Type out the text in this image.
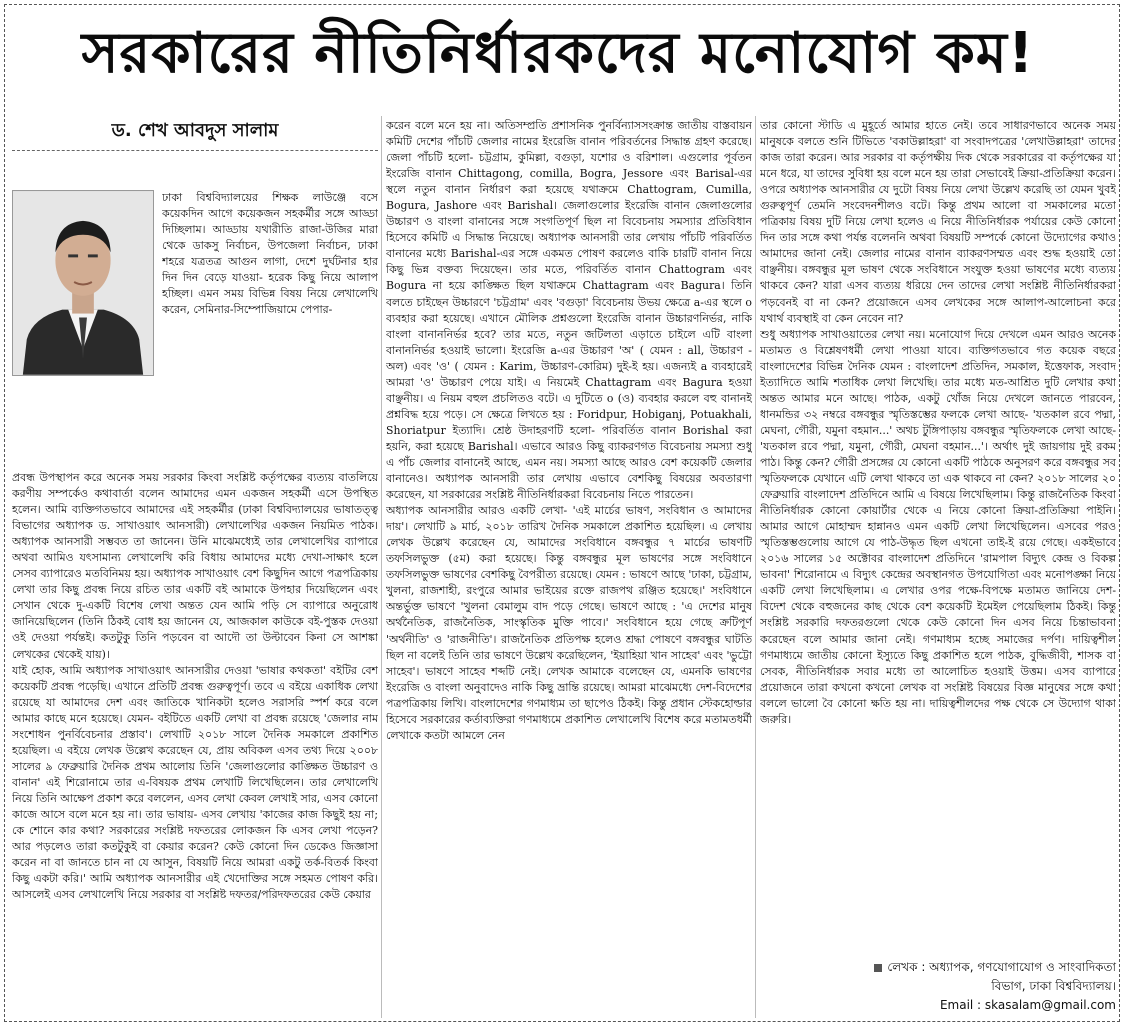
সরকারের নীতিনির্ধারকদের মনোযোগ কম!
ড. শেখ আবদুস সালাম

ঢাকা বিশ্ববিদ্যালয়ের শিক্ষক লাউঞ্জে বসে কয়েকদিন আগে কয়েকজন সহকর্মীর সঙ্গে আড্ডা দিচ্ছিলাম। আড্ডায় যথারীতি রাজা-উজির মারা থেকে ডাকসু নির্বাচন, উপজেলা নির্বাচন, ঢাকা শহরে যত্রতত্র আগুন লাগা, দেশে দুর্ঘটনার হার দিন দিন বেড়ে যাওয়া- হরেক কিছু নিয়ে আলাপ হচ্ছিল। এমন সময় বিভিন্ন বিষয় নিয়ে লেখালেখি করেন, সেমিনার-সিম্পোজিয়ামে পেপার-

প্রবন্ধ উপস্থাপন করে অনেক সময় সরকার কিংবা সংশ্লিষ্ট কর্তৃপক্ষের ব্যত্যয় বাতলিয়ে করণীয় সম্পর্কেও কথাবার্তা বলেন আমাদের এমন একজন সহকর্মী এসে উপস্থিত হলেন। আমি ব্যক্তিগতভাবে আমাদের এই সহকর্মীর (ঢাকা বিশ্ববিদ্যালয়ের ভাষাতত্ত্ব বিভাগের অধ্যাপক ড. সাখাওয়াৎ আনসারী) লেখালেখির একজন নিয়মিত পাঠক। অধ্যাপক আনসারী সম্ভবত তা জানেন। উনি মাঝেমধ্যেই তার লেখালেখির ব্যাপারে অথবা আমিও যৎসামান্য লেখালেখি করি বিধায় আমাদের মধ্যে দেখা-সাক্ষাৎ হলে সেসব ব্যাপারেও মতবিনিময় হয়। অধ্যাপক সাখাওয়াৎ বেশ কিছুদিন আগে পত্রপত্রিকায় লেখা তার কিছু প্রবন্ধ নিয়ে রচিত তার একটি বই আমাকে উপহার দিয়েছিলেন এবং সেখান থেকে দু-একটি বিশেষ লেখা অন্তত যেন আমি পড়ি সে ব্যাপারে অনুরোধ জানিয়েছিলেন (তিনি ঠিকই বোধ হয় জানেন যে, আজকাল কাউকে বই-পুস্তক দেওয়া ওই দেওয়া পর্যন্তই। কতটুকু তিনি পড়বেন বা আদৌ তা উল্টাবেন কিনা সে আশঙ্কা লেখকের থেকেই যায়)।

যাই হোক, আমি অধ্যাপক সাখাওয়াৎ আনসারীর দেওয়া 'ভাষার কথকতা' বইটির বেশ কয়েকটি প্রবন্ধ পড়েছি। এখানে প্রতিটি প্রবন্ধ গুরুত্বপূর্ণ। তবে এ বইয়ে একাধিক লেখা রয়েছে যা আমাদের দেশ এবং জাতিকে খানিকটা হলেও সরাসরি স্পর্শ করে বলে আমার কাছে মনে হয়েছে। যেমন- বইটিতে একটি লেখা বা প্রবন্ধ রয়েছে 'জেলার নাম সংশোধন পুনর্বিবেচনার প্রস্তাব'। লেখাটি ২০১৮ সালে দৈনিক সমকালে প্রকাশিত হয়েছিল। এ বইয়ে লেখক উল্লেখ করেছেন যে, প্রায় অবিকল এসব তথ্য দিয়ে ২০০৮ সালের ৯ ফেব্রুয়ারি দৈনিক প্রথম আলোয় তিনি 'জেলাগুলোর কাঙ্ক্ষিত উচ্চারণ ও বানান' এই শিরোনামে তার এ-বিষয়ক প্রথম লেখাটি লিখেছিলেন। তার লেখালেখি নিয়ে তিনি আক্ষেপ প্রকাশ করে বললেন, এসব লেখা কেবল লেখাই সার, এসব কোনো কাজে আসে বলে মনে হয় না। তার ভাষায়- এসব লেখায় 'কাজের কাজ কিছুই হয় না; কে শোনে কার কথা? সরকারের সংশ্লিষ্ট দফতরের লোকজন কি এসব লেখা পড়েন? আর পড়লেও তারা কতটুকুই বা কেয়ার করেন? কেউ কোনো দিন ডেকেও জিজ্ঞাসা করেন না বা জানতে চান না যে আসুন, বিষয়টি নিয়ে আমরা একটু তর্ক-বিতর্ক কিংবা কিছু একটা করি।' আমি অধ্যাপক আনসারীর এই খেদোক্তির সঙ্গে সহমত পোষণ করি। আসলেই এসব লেখালেখি নিয়ে সরকার বা সংশ্লিষ্ট দফতর/পরিদফতরের কেউ কেয়ার

করেন বলে মনে হয় না। অতিসম্প্রতি প্রশাসনিক পুনর্বিন্যাসসংক্রান্ত জাতীয় বাস্তবায়ন কমিটি দেশের পাঁচটি জেলার নামের ইংরেজি বানান পরিবর্তনের সিদ্ধান্ত গ্রহণ করেছে। জেলা পাঁচটি হলো- চট্টগ্রাম, কুমিল্লা, বগুড়া, যশোর ও বরিশাল। এগুলোর পূর্বতন ইংরেজি বানান Chittagong, comilla, Bogra, Jessore এবং Barisal-এর স্থলে নতুন বানান নির্ধারণ করা হয়েছে যথাক্রমে Chattogram, Cumilla, Bogura, Jashore এবং Barishal। জেলাগুলোর ইংরেজি বানান জেলাগুলোর উচ্চারণ ও বাংলা বানানের সঙ্গে সংগতিপূর্ণ ছিল না বিবেচনায় সমস্যার প্রতিবিধান হিসেবে কমিটি এ সিদ্ধান্ত নিয়েছে। অধ্যাপক আনসারী তার লেখায় পাঁচটি পরিবর্তিত বানানের মধ্যে Barishal-এর সঙ্গে একমত পোষণ করলেও বাকি চারটি বানান নিয়ে কিছু ভিন্ন বক্তব্য দিয়েছেন। তার মতে, পরিবর্তিত বানান Chattogram এবং Bogura না হয়ে কাঙ্ক্ষিত ছিল যথাক্রমে Chattagram এবং Bagura। তিনি বলতে চাইছেন উচ্চারণে 'চট্টগ্রাম' এবং 'বগুড়া' বিবেচনায় উভয় ক্ষেত্রে a-এর স্থলে o ব্যবহার করা হয়েছে। এখানে মৌলিক প্রশ্নগুলো ইংরেজি বানান উচ্চারণনির্ভর, নাকি বাংলা বানাননির্ভর হবে? তার মতে, নতুন জটিলতা এড়াতে চাইলে এটি বাংলা বানাননির্ভর হওয়াই ভালো। ইংরেজি a-এর উচ্চারণ 'অ' ( যেমন : all, উচ্চারণ - অল) এবং 'ও' ( যেমন : Karim, উচ্চারণ-কোরিম) দুই-ই হয়। এজন্যই a ব্যবহারেই আমরা 'ও' উচ্চারণ পেয়ে যাই। এ নিয়মেই Chattagram এবং Bagura হওয়া বাঞ্ছনীয়। এ নিয়ম বহুল প্রচলিতও বটে। এ দুটিতে o (ও) ব্যবহার করলে বহু বানানই প্রশ্নবিদ্ধ হয়ে পড়ে। সে ক্ষেত্রে লিখতে হয় : Foridpur, Hobiganj, Potuakhali, Shoriatpur ইত্যাদি। শ্রেষ্ঠ উদাহরণটি হলো- পরিবর্তিত বানান Borishal করা হয়নি, করা হয়েছে Barishal। এভাবে আরও কিছু ব্যাকরণগত বিবেচনায় সমস্যা শুধু এ পাঁচ জেলার বানানেই আছে, এমন নয়। সমস্যা আছে আরও বেশ কয়েকটি জেলার বানানেও। অধ্যাপক আনসারী তার লেখায় এভাবে বেশকিছু বিষয়ের অবতারণা করেছেন, যা সরকারের সংশ্লিষ্ট নীতিনির্ধারকরা বিবেচনায় নিতে পারতেন।

অধ্যাপক আনসারীর আরও একটি লেখা- 'এই মার্চের ভাষণ, সংবিধান ও আমাদের দায়'। লেখাটি ৯ মার্চ, ২০১৮ তারিখ দৈনিক সমকালে প্রকাশিত হয়েছিল। এ লেখায় লেখক উল্লেখ করেছেন যে, আমাদের সংবিধানে বঙ্গবন্ধুর ৭ মার্চের ভাষণটি তফসিলভুক্ত (৫ম) করা হয়েছে। কিন্তু বঙ্গবন্ধুর মূল ভাষণের সঙ্গে সংবিধানে তফসিলভুক্ত ভাষণের বেশকিছু বৈপরীত্য রয়েছে। যেমন : ভাষণে আছে 'ঢাকা, চট্টগ্রাম, খুলনা, রাজশাহী, রংপুরে আমার ভাইয়ের রক্তে রাজপথ রঞ্জিত হয়েছে।' সংবিধানে অন্তর্ভুক্ত ভাষণে 'খুলনা বেমালুম বাদ পড়ে গেছে। ভাষণে আছে : 'এ দেশের মানুষ অর্থনৈতিক, রাজনৈতিক, সাংস্কৃতিক মুক্তি পাবে।' সংবিধানে হয়ে গেছে ক্রটিপূর্ণ 'অর্থনীতি' ও 'রাজনীতি'। রাজনৈতিক প্রতিপক্ষ হলেও শ্রদ্ধা পোষণে বঙ্গবন্ধুর ঘাটতি ছিল না বলেই তিনি তার ভাষণে উল্লেখ করেছিলেন, 'ইয়াহিয়া খান সাহেব' এবং 'ভুট্টো সাহেব'। ভাষণে সাহেব শব্দটি নেই। লেখক আমাকে বলেছেন যে, এমনকি ভাষণের ইংরেজি ও বাংলা অনুবাদেও নাকি কিছু ভ্রান্তি রয়েছে। আমরা মাঝেমধ্যে দেশ-বিদেশের পত্রপত্রিকায় লিখি। বাংলাদেশের গণমাধ্যম তা ছাপেও ঠিকই। কিন্তু প্রধান স্টেকহোল্ডার হিসেবে সরকারের কর্তাব্যক্তিরা গণমাধ্যমে প্রকাশিত লেখালেখি বিশেষ করে মতামতধর্মী লেখাকে কতটা আমলে নেন

তার কোনো স্টাডি এ মুহূর্তে আমার হাতে নেই। তবে সাধারণভাবে অনেক সময় মানুষকে বলতে শুনি টিভিতে 'বকাউল্লাহরা' বা সংবাদপত্রের 'লেখাউল্লাহরা' তাদের কাজ তারা করেন। আর সরকার বা কর্তৃপক্ষীয় দিক থেকে সরকারের বা কর্তৃপক্ষের যা মনে ধরে, যা তাদের সুবিধা হয় বলে মনে হয় তারা সেভাবেই ক্রিয়া-প্রতিক্রিয়া করেন। ওপরে অধ্যাপক আনসারীর যে দুটো বিষয় নিয়ে লেখা উল্লেখ করেছি তা যেমন খুবই গুরুত্বপূর্ণ তেমনি সংবেদনশীলও বটে। কিন্তু প্রথম আলো বা সমকালের মতো পত্রিকায় বিষয় দুটি নিয়ে লেখা হলেও এ নিয়ে নীতিনির্ধারক পর্যায়ের কেউ কোনো দিন তার সঙ্গে কথা পর্যন্ত বলেননি অথবা বিষয়টি সম্পর্কে কোনো উদ্যোগের কথাও আমাদের জানা নেই। জেলার নামের বানান ব্যাকরণসম্মত এবং শুদ্ধ হওয়াই তো বাঞ্ছনীয়। বঙ্গবন্ধুর মূল ভাষণ থেকে সংবিধানে সংযুক্ত হওয়া ভাষণের মধ্যে ব্যত্যয় থাকবে কেন? যারা এসব ব্যত্যয় ধরিয়ে দেন তাদের লেখা সংশ্লিষ্ট নীতিনির্ধারকরা পড়বেনই বা না কেন? প্রয়োজনে এসব লেখকের সঙ্গে আলাপ-আলোচনা করে যথার্থ ব্যবস্থাই বা কেন নেবেন না?

শুধু অধ্যাপক সাখাওয়াতের লেখা নয়। মনোযোগ দিয়ে দেখলে এমন আরও অনেক মতামত ও বিশ্লেষণধর্মী লেখা পাওয়া যাবে। ব্যক্তিগতভাবে গত কয়েক বছরে বাংলাদেশের বিভিন্ন দৈনিক যেমন : বাংলাদেশ প্রতিদিন, সমকাল, ইত্তেফাক, সংবাদ ইত্যাদিতে আমি শতাধিক লেখা লিখেছি। তার মধ্যে মত-আশ্রিত দুটি লেখার কথা অন্তত আমার মনে আছে। পাঠক, একটু খোঁজ নিয়ে দেখলে জানতে পারবেন, ধানমন্ডির ৩২ নম্বরে বঙ্গবন্ধুর স্মৃতিস্তম্ভের ফলকে লেখা আছে- 'যতকাল রবে পদ্মা, মেঘনা, গৌরী, যমুনা বহমান...' অথচ টুঙ্গিপাড়ায় বঙ্গবন্ধুর স্মৃতিফলকে লেখা আছে- 'যতকাল রবে পদ্মা, যমুনা, গৌরী, মেঘনা বহমান...'। অর্থাৎ দুই জায়গায় দুই রকম পাঠ। কিন্তু কেন? গৌরী প্রসঙ্গের যে কোনো একটি পাঠকে অনুসরণ করে বঙ্গবন্ধুর সব স্মৃতিফলকে যেখানে এটি লেখা থাকবে তা এক থাকবে না কেন? ২০১৮ সালের ২০ ফেব্রুয়ারি বাংলাদেশ প্রতিদিনে আমি এ বিষয়ে লিখেছিলাম। কিন্তু রাজনৈতিক কিংবা নীতিনির্ধারক কোনো কোয়ার্টার থেকে এ নিয়ে কোনো ক্রিয়া-প্রতিক্রিয়া পাইনি। আমার আগে মোহাম্মদ হান্নানও এমন একটি লেখা লিখেছিলেন। এসবের পরও স্মৃতিস্তম্ভগুলোয় আগে যে পাঠ-উদ্ধৃত ছিল এখনো তাই-ই রয়ে গেছে। একইভাবে ২০১৬ সালের ১৫ অক্টোবর বাংলাদেশ প্রতিদিনে 'রামপাল বিদ্যুৎ কেন্দ্র ও বিকল্প ভাবনা' শিরোনামে এ বিদ্যুৎ কেন্দ্রের অবস্থানগত উপযোগিতা এবং মনোপঙ্ক্ষা নিয়ে একটি লেখা লিখেছিলাম। এ লেখার ওপর পক্ষে-বিপক্ষে মতামত জানিয়ে দেশ-বিদেশ থেকে বহুজনের কাছ থেকে বেশ কয়েকটি ইমেইল পেয়েছিলাম ঠিকই। কিন্তু সংশ্লিষ্ট সরকারি দফতরগুলো থেকে কেউ কোনো দিন এসব নিয়ে চিন্তাভাবনা করেছেন বলে আমার জানা নেই। গণমাধ্যম হচ্ছে সমাজের দর্পণ। দায়িত্বশীল গণমাধ্যমে জাতীয় কোনো ইস্যুতে কিছু প্রকাশিত হলে পাঠক, বুদ্ধিজীবী, শাসক বা সেবক, নীতিনির্ধারক সবার মধ্যে তা আলোচিত হওয়াই উত্তম। এসব ব্যাপারে প্রয়োজনে তারা কখনো কখনো লেখক বা সংশ্লিষ্ট বিষয়ের বিজ্ঞ মানুষের সঙ্গে কথা বললে ভালো বৈ কোনো ক্ষতি হয় না। দায়িত্বশীলদের পক্ষ থেকে সে উদ্যোগ থাকা জরুরি।

লেখক : অধ্যাপক, গণযোগাযোগ ও সাংবাদিকতা
বিভাগ, ঢাকা বিশ্ববিদ্যালয়।
Email : skasalam@gmail.com
